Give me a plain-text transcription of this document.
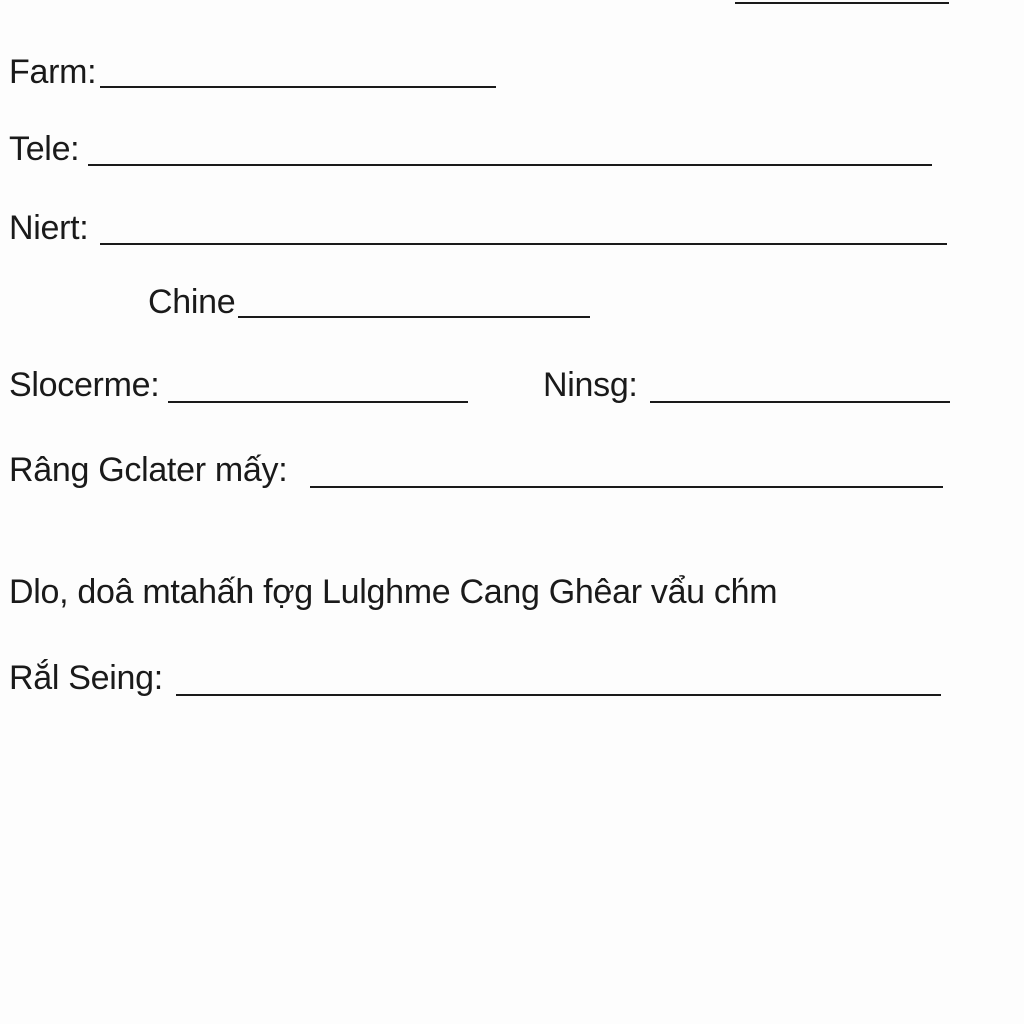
Farm:
Tele:
Niert:
Chine
Slocerme:	Ninsg:
Râng Gclater mấy:
Dlo, doâ mtahấh fợg Lulghme Cang Ghêar vẩu ch́m
Rắl Seing:
